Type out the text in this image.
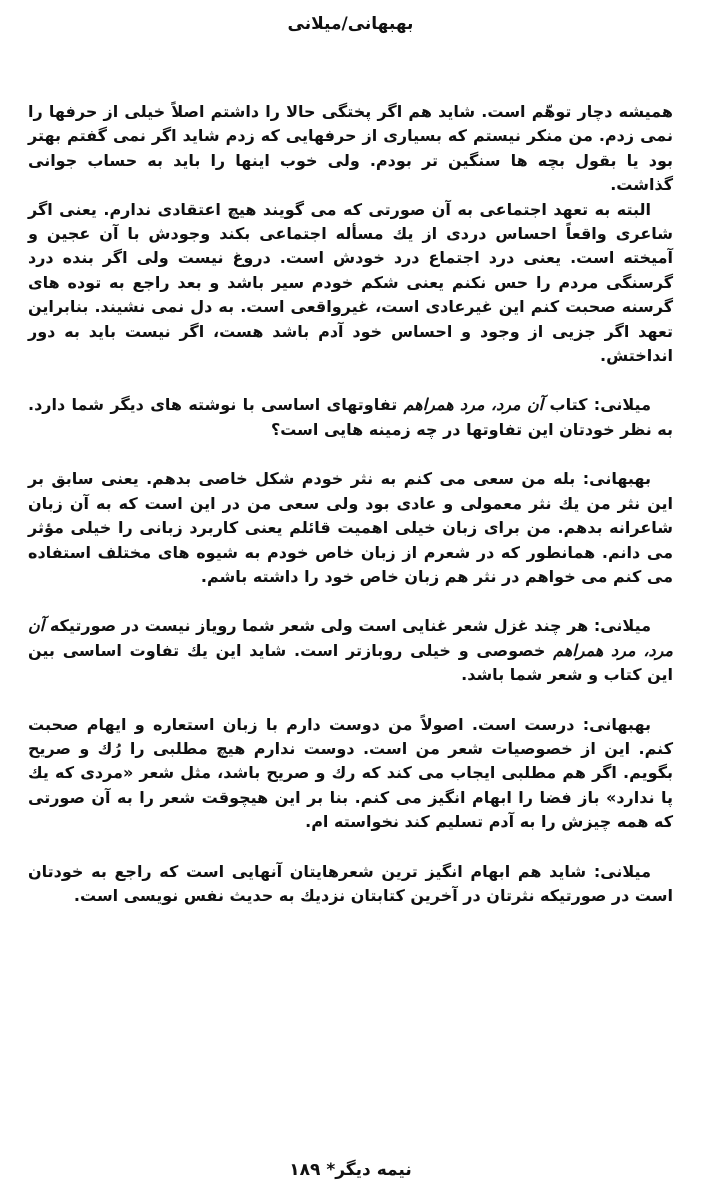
بهبهانی/میلانی

همیشه دچار توهّم است. شاید هم اگر پختگی حالا را داشتم اصلاً خیلی از حرفها را نمی زدم. من منکر نیستم که بسیاری از حرفهایی که زدم شاید اگر نمی گفتم بهتر بود یا بقول بچه ها سنگین تر بودم. ولی خوب اینها را باید به حساب جوانی گذاشت.

البته به تعهد اجتماعی به آن صورتی که می گویند هیچ اعتقادی ندارم. یعنی اگر شاعری واقعاً احساس دردی از یك مسأله اجتماعی بکند وجودش با آن عجین و آمیخته است. یعنی درد اجتماع درد خودش است. دروغ نیست ولی اگر بنده درد گرسنگی مردم را حس نکنم یعنی شکم خودم سیر باشد و بعد راجع به توده های گرسنه صحبت کنم این غیرعادی است، غیرواقعی است. به دل نمی نشیند. بنابراین تعهد اگر جزیی از وجود و احساس خود آدم باشد هست، اگر نیست باید به دور انداختش.

میلانی: کتاب آن مرد، مرد همراهم تفاوتهای اساسی با نوشته های دیگر شما دارد. به نظر خودتان این تفاوتها در چه زمینه هایی است؟

بهبهانی: بله من سعی می کنم به نثر خودم شکل خاصی بدهم. یعنی سابق بر این نثر من یك نثر معمولی و عادی بود ولی سعی من در این است که به آن زبان شاعرانه بدهم. من برای زبان خیلی اهمیت قائلم یعنی کاربرد زبانی را خیلی مؤثر می دانم. همانطور که در شعرم از زبان خاص خودم به شیوه های مختلف استفاده می کنم می خواهم در نثر هم زبان خاص خود را داشته باشم.

میلانی: هر چند غزل شعر غنایی است ولی شعر شما رویاز نیست در صورتیکه آن مرد، مرد همراهم خصوصی و خیلی روبازتر است. شاید این یك تفاوت اساسی بین این کتاب و شعر شما باشد.

بهبهانی: درست است. اصولاً من دوست دارم با زبان استعاره و ایهام صحبت کنم. این از خصوصیات شعر من است. دوست ندارم هیچ مطلبی را رُك و صریح بگویم. اگر هم مطلبی ایجاب می کند که رك و صریح باشد، مثل شعر «مردی که یك پا ندارد» باز فضا را ابهام انگیز می کنم. بنا بر این هیچوقت شعر را به آن صورتی که همه چیزش را به آدم تسلیم کند نخواسته ام.

میلانی: شاید هم ابهام انگیز ترین شعرهایتان آنهایی است که راجع به خودتان است در صورتیکه نثرتان در آخرین کتابتان نزدیك به حدیث نفس نویسی است.

نیمه دیگر* ۱۸۹
